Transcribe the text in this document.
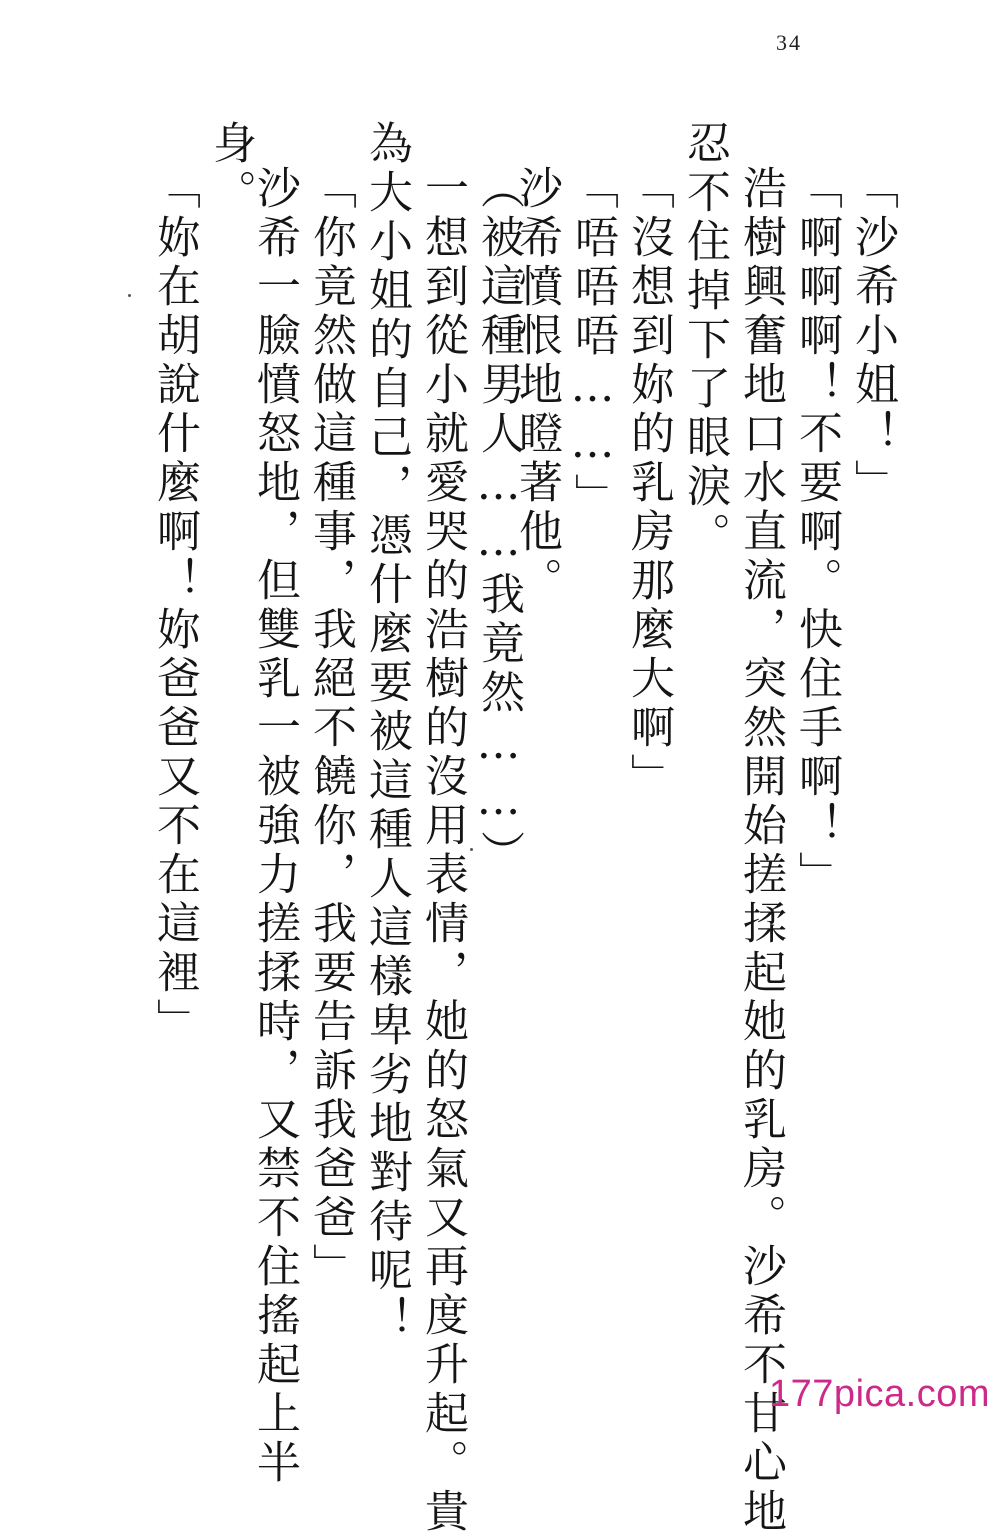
34
「沙希小姐！」
「啊啊啊！不要啊。快住手啊！」
浩樹興奮地口水直流，突然開始搓揉起她的乳房。沙希不甘心地
忍不住掉下了眼淚。
「沒想到妳的乳房那麼大啊」
「唔唔唔……」
沙希憤恨地瞪著他。
（被這種男人……我竟然……）
一想到從小就愛哭的浩樹的沒用表情，她的怒氣又再度升起。貴
為大小姐的自己，憑什麼要被這種人這樣卑劣地對待呢！
「你竟然做這種事，我絕不饒你，我要告訴我爸爸」
沙希一臉憤怒地，但雙乳一被強力搓揉時，又禁不住搖起上半
身。
「妳在胡說什麼啊！妳爸爸又不在這裡」
177pica.com
